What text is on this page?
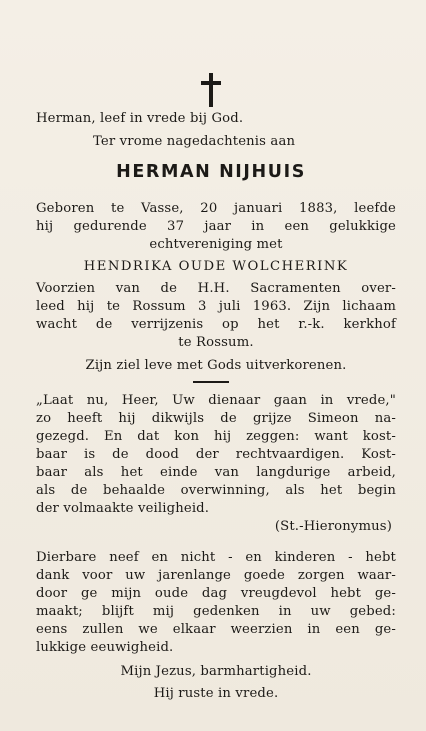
Herman, leef in vrede bij God.
Ter vrome nagedachtenis aan
HERMAN NIJHUIS
Geboren te Vasse, 20 januari 1883, leefde
hij gedurende 37 jaar in een gelukkige
echtvereniging met
HENDRIKA OUDE WOLCHERINK
Voorzien van de H.H. Sacramenten over-
leed hij te Rossum 3 juli 1963. Zijn lichaam
wacht de verrijzenis op het r.-k. kerkhof
te Rossum.
Zijn ziel leve met Gods uitverkorenen.
„Laat nu, Heer, Uw dienaar gaan in vrede,"
zo heeft hij dikwijls de grijze Simeon na-
gezegd. En dat kon hij zeggen: want kost-
baar is de dood der rechtvaardigen. Kost-
baar als het einde van langdurige arbeid,
als de behaalde overwinning, als het begin
der volmaakte veiligheid.
(St.-Hieronymus)
Dierbare neef en nicht - en kinderen - hebt
dank voor uw jarenlange goede zorgen waar-
door ge mijn oude dag vreugdevol hebt ge-
maakt; blijft mij gedenken in uw gebed:
eens zullen we elkaar weerzien in een ge-
lukkige eeuwigheid.
Mijn Jezus, barmhartigheid.
Hij ruste in vrede.
